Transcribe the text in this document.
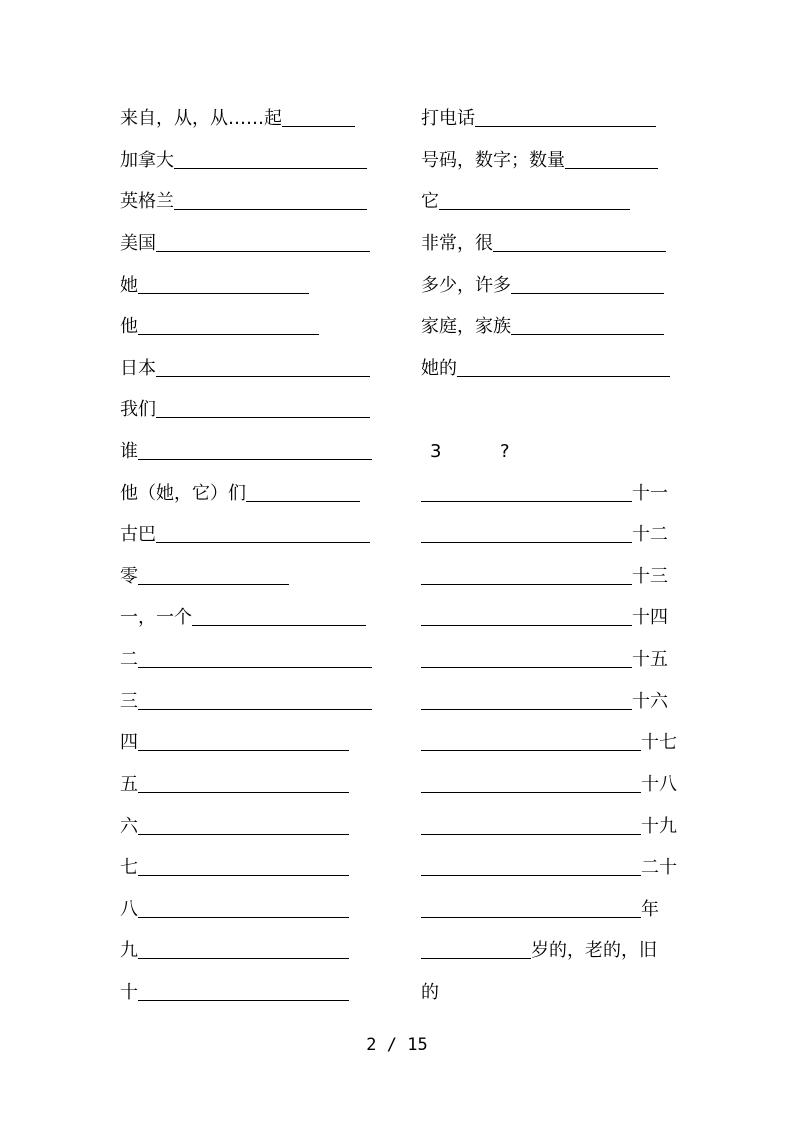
来自，从，从……起
加拿大
英格兰
美国
她
他
日本
我们
谁
他（她，它）们
古巴
零
一，一个
二
三
四
五
六
七
八
九
十
打电话
号码，数字；数量
它
非常，很
多少，许多
家庭，家族
她的
3	?
十一
十二
十三
十四
十五
十六
十七
十八
十九
二十
年
岁的，老的，旧
的
2 / 15
